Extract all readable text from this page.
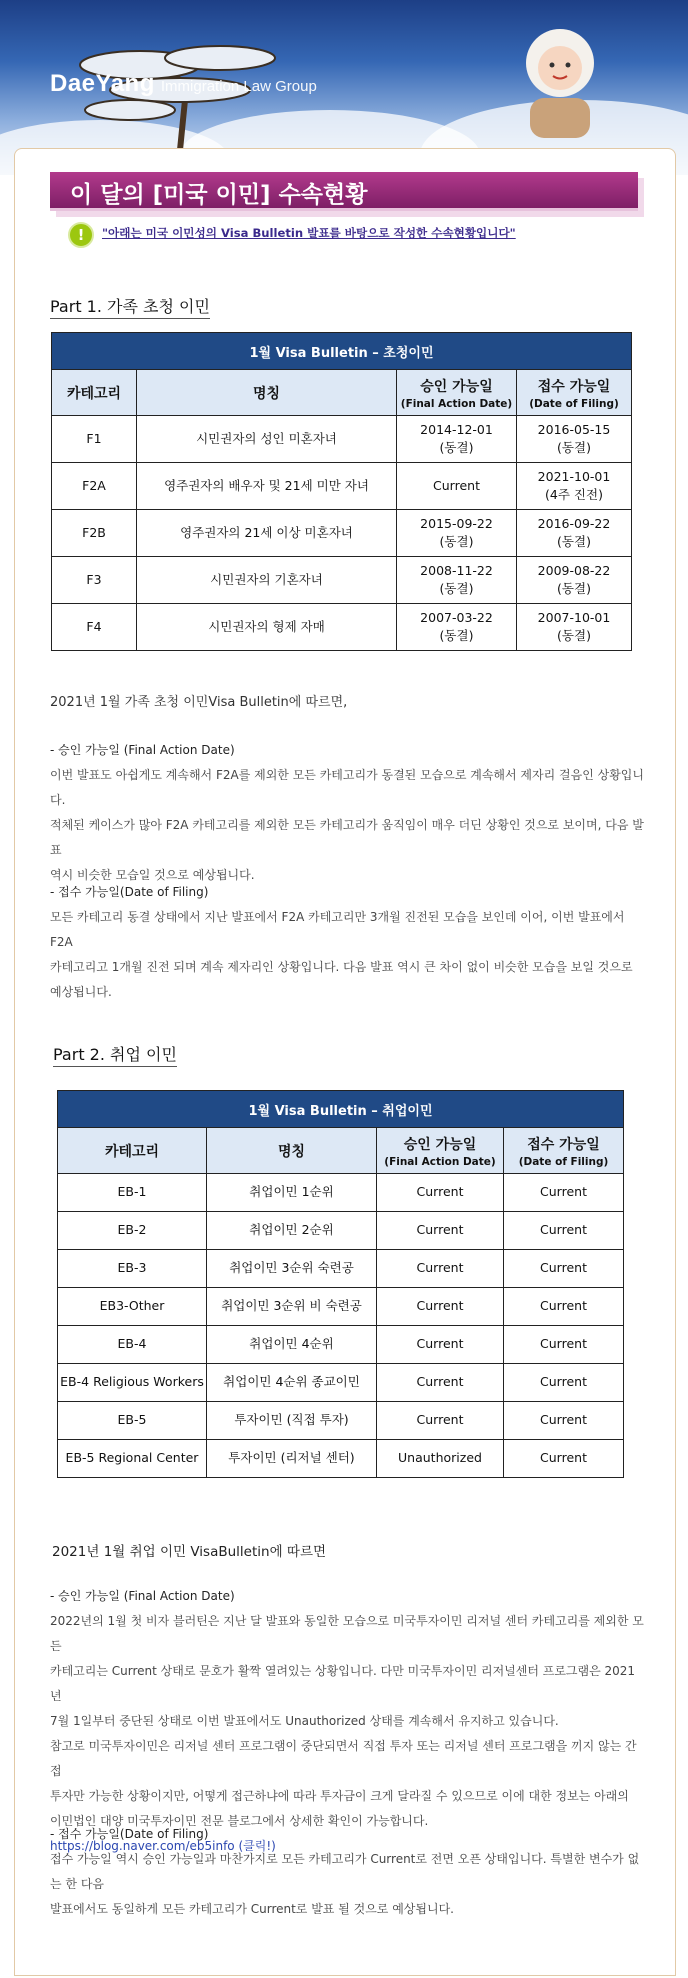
DaeYang Immigration Law Group
이 달의 [미국 이민] 수속현황
!	"아래는 미국 이민성의 Visa Bulletin 발표를 바탕으로 작성한 수속현황입니다"
Part 1. 가족 초청 이민
1월 Visa Bulletin – 초청이민			
카테고리	명칭	승인 가능일
(Final Action Date)	접수 가능일
(Date of Filing)

F1	시민권자의 성인 미혼자녀	2014-12-01
(동결)	2016-05-15
(동결)
F2A	영주권자의 배우자 및 21세 미만 자녀	Current	2021-10-01
(4주 진전)
F2B	영주권자의 21세 이상 미혼자녀	2015-09-22
(동결)	2016-09-22
(동결)
F3	시민권자의 기혼자녀	2008-11-22
(동결)	2009-08-22
(동결)
F4	시민권자의 형제 자매	2007-03-22
(동결)	2007-10-01
(동결)
2021년 1월 가족 초청 이민Visa Bulletin에 따르면,

- 승인 가능일 (Final Action Date)

이번 발표도 아쉽게도 계속해서 F2A를 제외한 모든 카테고리가 동결된 모습으로 계속해서 제자리 걸음인 상황입니다.

적체된 케이스가 많아 F2A 카테고리를 제외한 모든 카테고리가 움직임이 매우 더딘 상황인 것으로 보이며, 다음 발표

역시 비슷한 모습일 것으로 예상됩니다.

- 접수 가능일(Date of Filing)

모든 카테고리 동결 상태에서 지난 발표에서 F2A 카테고리만 3개월 진전된 모습을 보인데 이어, 이번 발표에서 F2A

카테고리고 1개월 진전 되며 계속 제자리인 상황입니다. 다음 발표 역시 큰 차이 없이 비슷한 모습을 보일 것으로

예상됩니다.

Part 2. 취업 이민
1월 Visa Bulletin – 취업이민			
카테고리	명칭	승인 가능일
(Final Action Date)	접수 가능일
(Date of Filing)

EB-1	취업이민 1순위	Current	Current
EB-2	취업이민 2순위	Current	Current
EB-3	취업이민 3순위 숙련공	Current	Current
EB3-Other	취업이민 3순위 비 숙련공	Current	Current
EB-4	취업이민 4순위	Current	Current
EB-4 Religious Workers	취업이민 4순위 종교이민	Current	Current
EB-5	투자이민 (직접 투자)	Current	Current
EB-5 Regional Center	투자이민 (리저널 센터)	Unauthorized	Current
2021년 1월 취업 이민 VisaBulletin에 따르면

- 승인 가능일 (Final Action Date)

2022년의 1월 첫 비자 블러틴은 지난 달 발표와 동일한 모습으로 미국투자이민 리저널 센터 카테고리를 제외한 모든

카테고리는 Current 상태로 문호가 활짝 열려있는 상황입니다. 다만 미국투자이민 리저널센터 프로그램은 2021년

7월 1일부터 중단된 상태로 이번 발표에서도 Unauthorized 상태를 계속해서 유지하고 있습니다.

참고로 미국투자이민은 리저널 센터 프로그램이 중단되면서 직접 투자 또는 리저널 센터 프로그램을 끼지 않는 간접

투자만 가능한 상황이지만, 어떻게 접근하냐에 따라 투자금이 크게 달라질 수 있으므로 이에 대한 정보는 아래의

이민법인 대양 미국투자이민 전문 블로그에서 상세한 확인이 가능합니다.

https://blog.naver.com/eb5info (클릭!)

- 접수 가능일(Date of Filing)

접수 가능일 역시 승인 가능일과 마찬가지로 모든 카테고리가 Current로 전면 오픈 상태입니다. 특별한 변수가 없는 한 다음

발표에서도 동일하게 모든 카테고리가 Current로 발표 될 것으로 예상됩니다.
